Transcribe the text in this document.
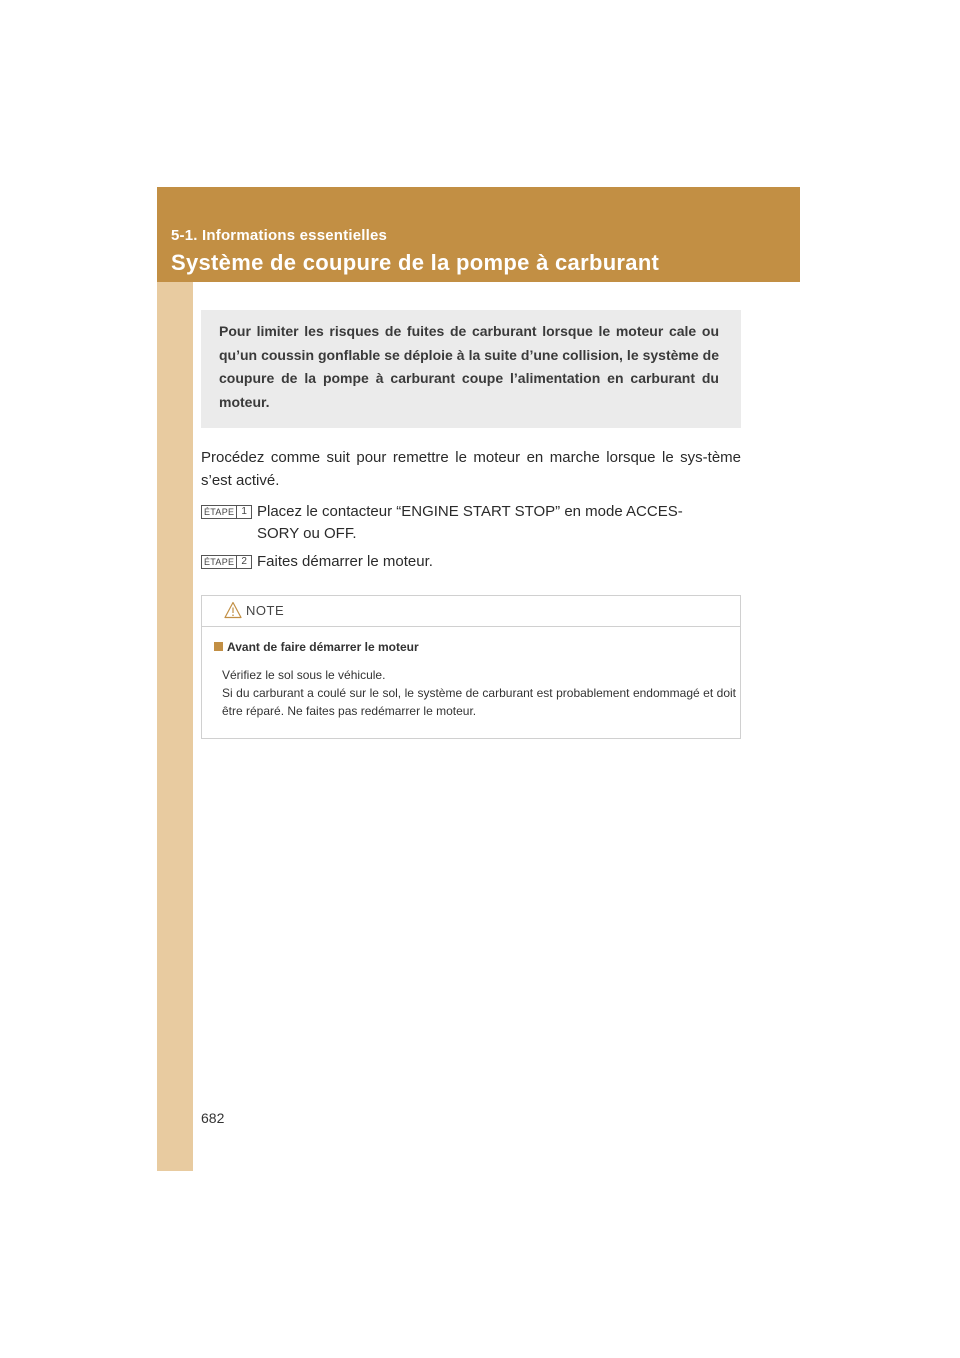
5-1. Informations essentielles
Système de coupure de la pompe à carburant

Pour limiter les risques de fuites de carburant lorsque le moteur cale ou qu’un coussin gonflable se déploie à la suite d’une collision, le système de coupure de la pompe à carburant coupe l’alimentation en carburant du moteur.

Procédez comme suit pour remettre le moteur en marche lorsque le sys-tème s’est activé.

ÉTAPE 1 Placez le contacteur “ENGINE START STOP” en mode ACCES-
SORY ou OFF.

ÉTAPE 2 Faites démarrer le moteur.

NOTE
Avant de faire démarrer le moteur

Vérifiez le sol sous le véhicule.
Si du carburant a coulé sur le sol, le système de carburant est probablement endommagé et doit être réparé. Ne faites pas redémarrer le moteur.

682
